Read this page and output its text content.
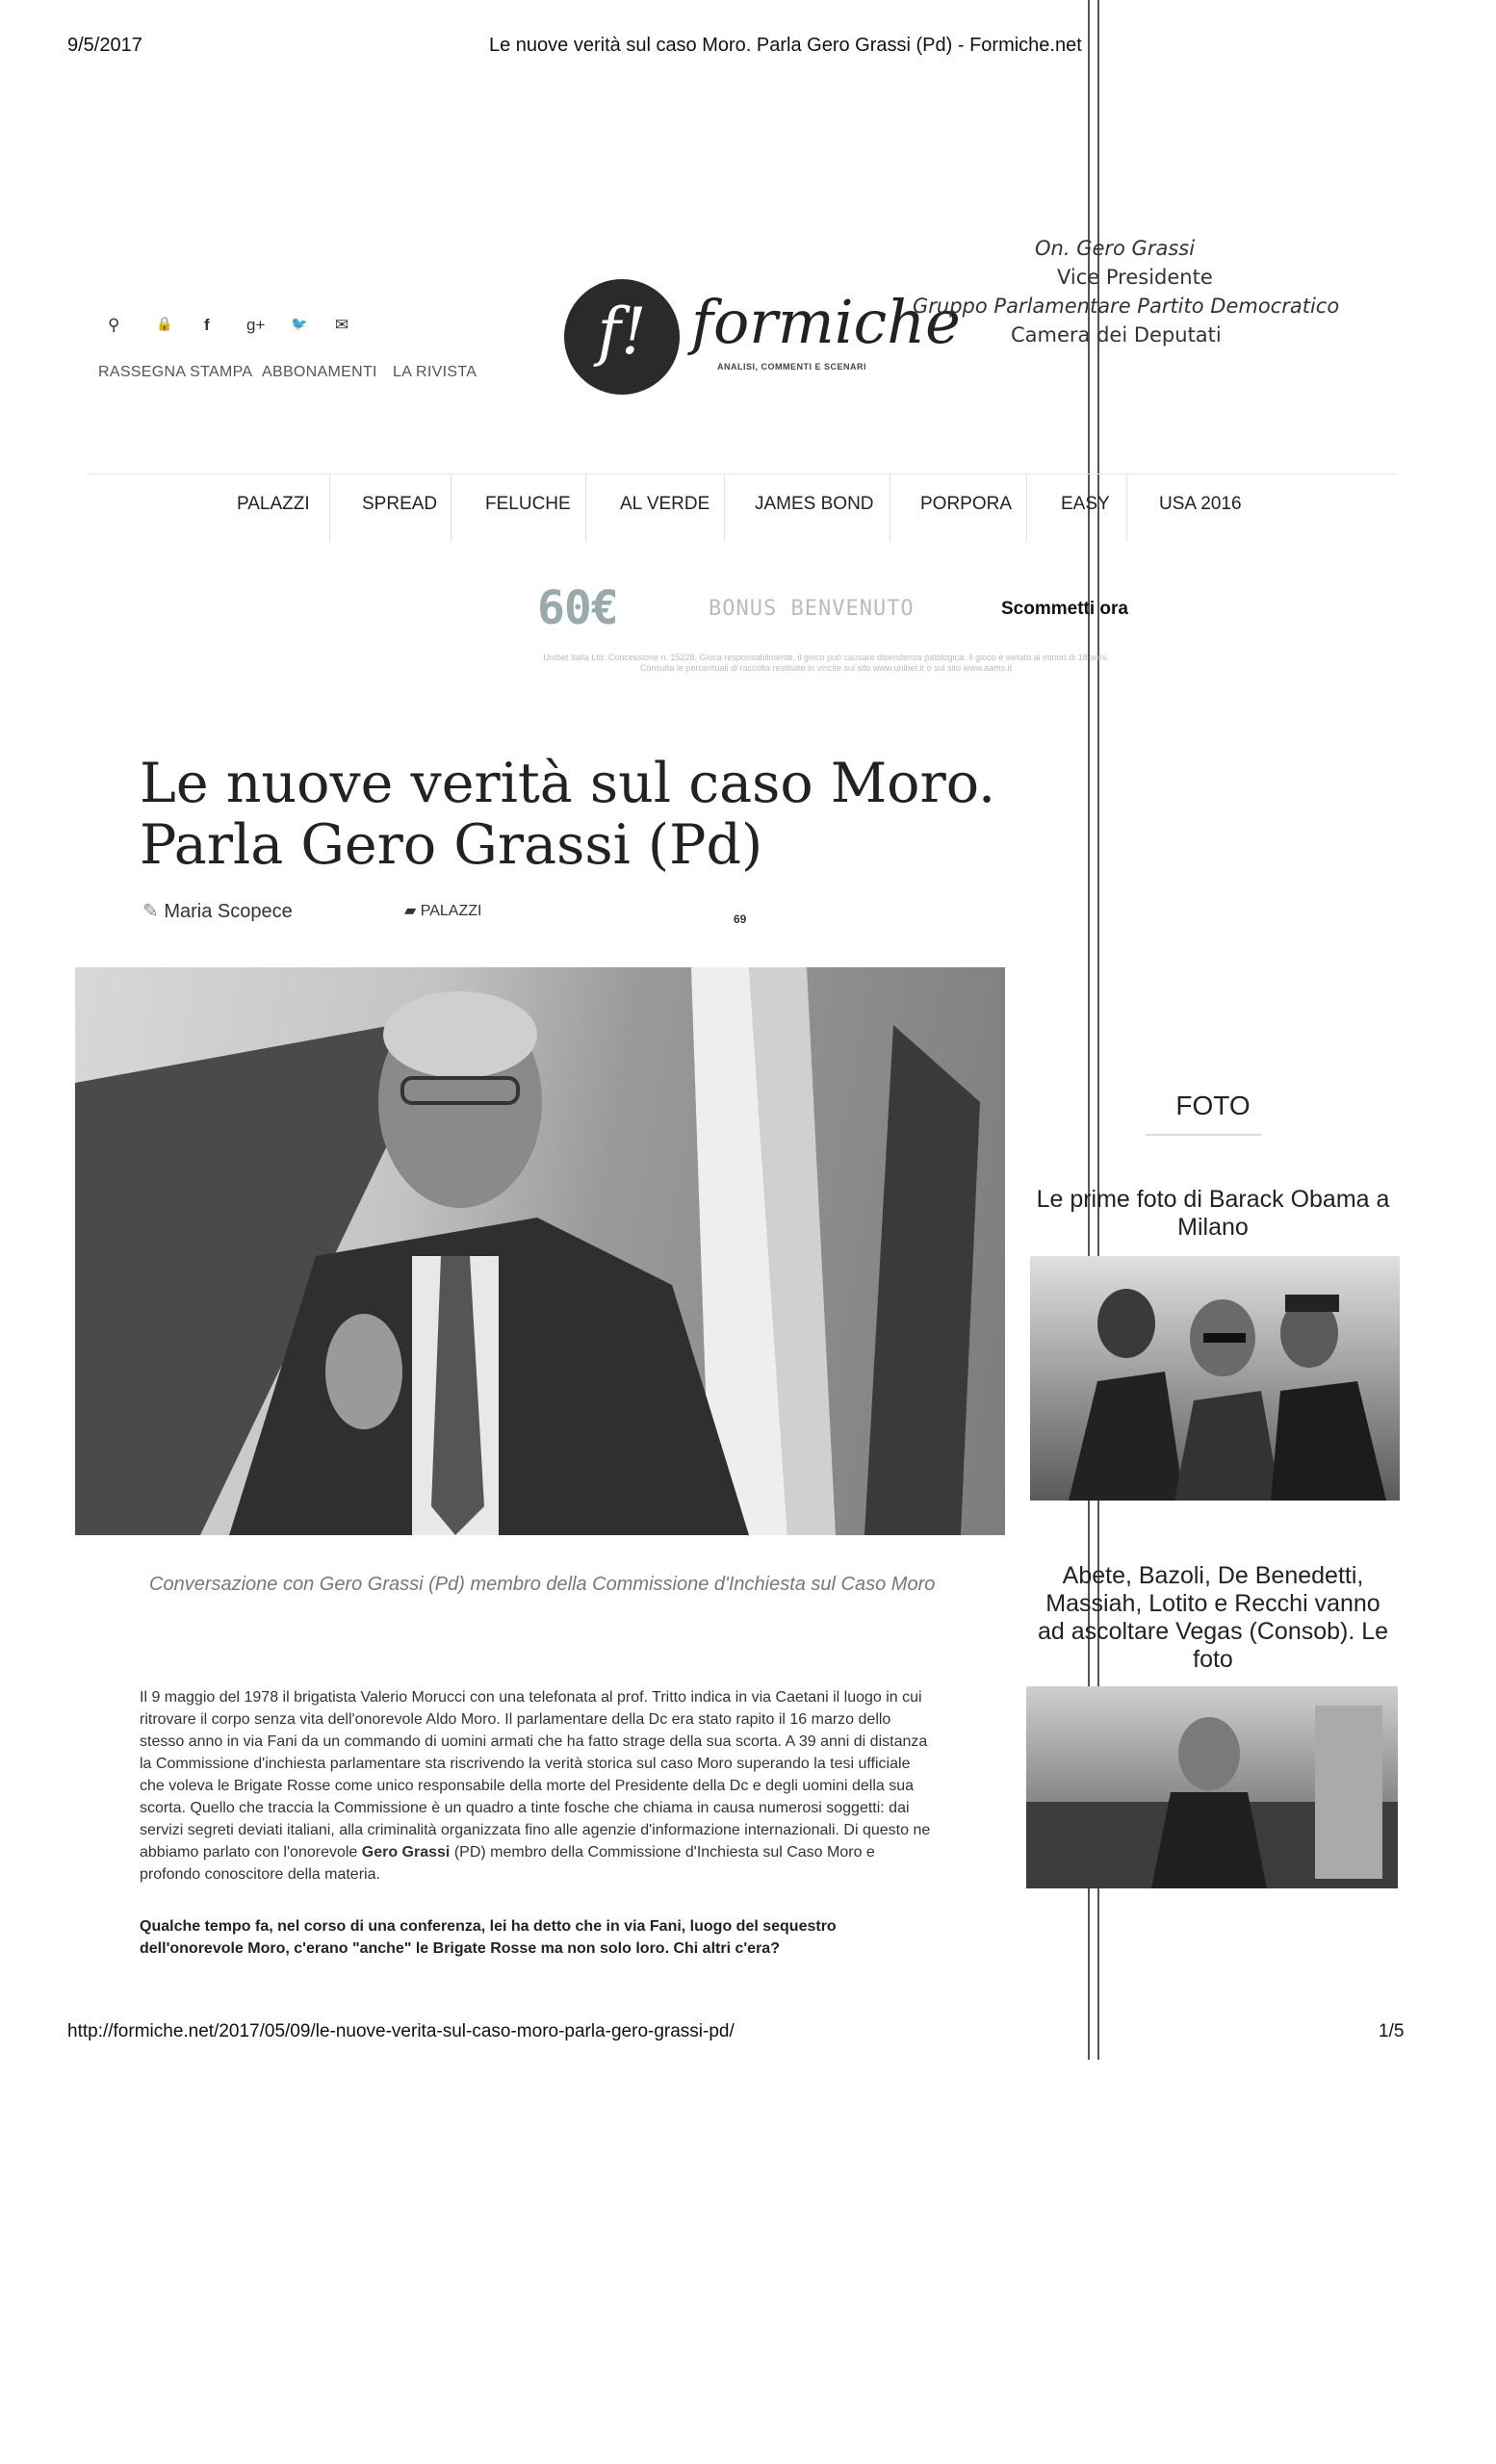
9/5/2017	Le nuove verità sul caso Moro. Parla Gero Grassi (Pd) - Formiche.net
⚲	🔒 f g+ 🐦 ✉
RASSEGNA STAMPA ABBONAMENTI LA RIVISTA
f! formiche
ANALISI, COMMENTI E SCENARI
On. Gero Grassi
Vice Presidente
Gruppo Parlamentare Partito Democratico
Camera dei Deputati
PALAZZI	SPREAD	FELUCHE	AL VERDE JAMES BOND	PORPORA	EASY	USA 2016
60€	BONUS BENVENUTO	Scommetti ora
Unibet Italia Ltd. Concessione n. 15228. Gioca responsabilmente, il gioco può causare dipendenza patologica. Il gioco è vietato ai minori di 18 anni.
Consulta le percentuali di raccolta restituite in vincite sul sito www.unibet.it o sul sito www.aams.it
Le nuove verità sul caso Moro. Parla Gero Grassi (Pd)
✎ Maria Scopece	▰ PALAZZI	69
Conversazione con Gero Grassi (Pd) membro della Commissione d'Inchiesta sul Caso Moro
Il 9 maggio del 1978 il brigatista Valerio Morucci con una telefonata al prof. Tritto indica in via Caetani il luogo in cui ritrovare il corpo senza vita dell'onorevole Aldo Moro. Il parlamentare della Dc era stato rapito il 16 marzo dello stesso anno in via Fani da un commando di uomini armati che ha fatto strage della sua scorta. A 39 anni di distanza la Commissione d'inchiesta parlamentare sta riscrivendo la verità storica sul caso Moro superando la tesi ufficiale che voleva le Brigate Rosse come unico responsabile della morte del Presidente della Dc e degli uomini della sua scorta. Quello che traccia la Commissione è un quadro a tinte fosche che chiama in causa numerosi soggetti: dai servizi segreti deviati italiani, alla criminalità organizzata fino alle agenzie d'informazione internazionali. Di questo ne abbiamo parlato con l'onorevole Gero Grassi (PD) membro della Commissione d'Inchiesta sul Caso Moro e profondo conoscitore della materia.
Qualche tempo fa, nel corso di una conferenza, lei ha detto che in via Fani, luogo del sequestro dell'onorevole Moro, c'erano "anche" le Brigate Rosse ma non solo loro. Chi altri c'era?
FOTO
Le prime foto di Barack Obama a Milano
Abete, Bazoli, De Benedetti, Massiah, Lotito e Recchi vanno ad ascoltare Vegas (Consob). Le foto
http://formiche.net/2017/05/09/le-nuove-verita-sul-caso-moro-parla-gero-grassi-pd/	1/5
